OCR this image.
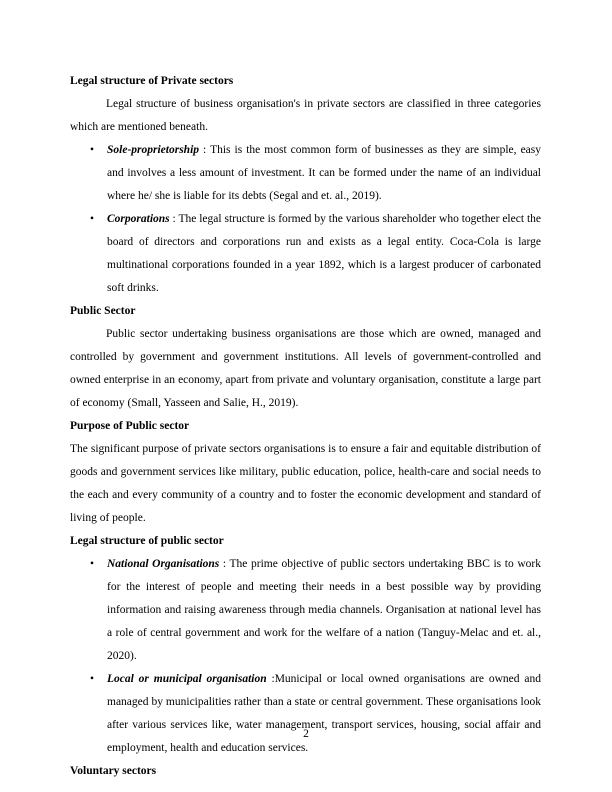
Legal structure of Private sectors

Legal structure of business organisation's in private sectors are classified in three categories which are mentioned beneath.

•	Sole-proprietorship : This is the most common form of businesses as they are simple, easy and involves a less amount of investment. It can be formed under the name of an individual where he/ she is liable for its debts (Segal and et. al., 2019).
•	Corporations : The legal structure is formed by the various shareholder who together elect the board of directors and corporations run and exists as a legal entity. Coca-Cola is large multinational corporations founded in a year 1892, which is a largest producer of carbonated soft drinks.
Public Sector

Public sector undertaking business organisations are those which are owned, managed and controlled by government and government institutions. All levels of government-controlled and owned enterprise in an economy, apart from private and voluntary organisation, constitute a large part of economy (Small, Yasseen and Salie, H., 2019).

Purpose of Public sector

The significant purpose of private sectors organisations is to ensure a fair and equitable distribution of goods and government services like military, public education, police, health-care and social needs to the each and every community of a country and to foster the economic development and standard of living of people.

Legal structure of public sector
•	National Organisations : The prime objective of public sectors undertaking BBC is to work for the interest of people and meeting their needs in a best possible way by providing information and raising awareness through media channels. Organisation at national level has a role of central government and work for the welfare of a nation (Tanguy-Melac and et. al., 2020).
•	Local or municipal organisation :Municipal or local owned organisations are owned and managed by municipalities rather than a state or central government. These organisations look after various services like, water management, transport services, housing, social affair and employment, health and education services.
Voluntary sectors
2
